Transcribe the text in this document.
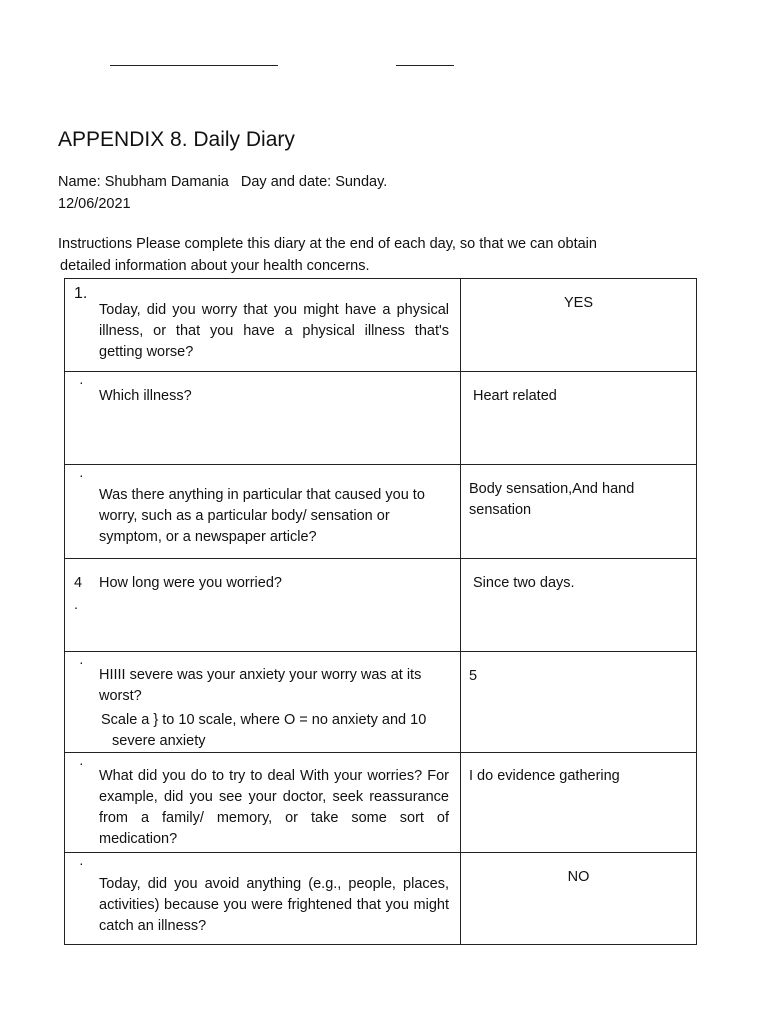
APPENDIX 8. Daily Diary
Name: Shubham Damania Day and date: Sunday.
12/06/2021
Instructions Please complete this diary at the end of each day, so that we can obtain
detailed information about your health concerns.
1.
Today, did you worry that you might have a physical illness, or that you have a physical illness that's getting worse?	YES

·
Which illness?	Heart related

·
Was there anything in particular that caused you to worry, such as a particular body/ sensation or symptom, or a newspaper article?	Body sensation,And hand sensation

4
.
How long were you worried?	Since two days.

·
HIIII severe was your anxiety your worry was at its worst?
Scale a } to 10 scale, where O = no anxiety and 10
severe anxiety	5

·
What did you do to try to deal With your worries? For example, did you see your doctor, seek reassurance from a family/ memory, or take some sort of medication?	I do evidence gathering

·
Today, did you avoid anything (e.g., people, places, activities) because you were frightened that you might catch an illness?	NO
